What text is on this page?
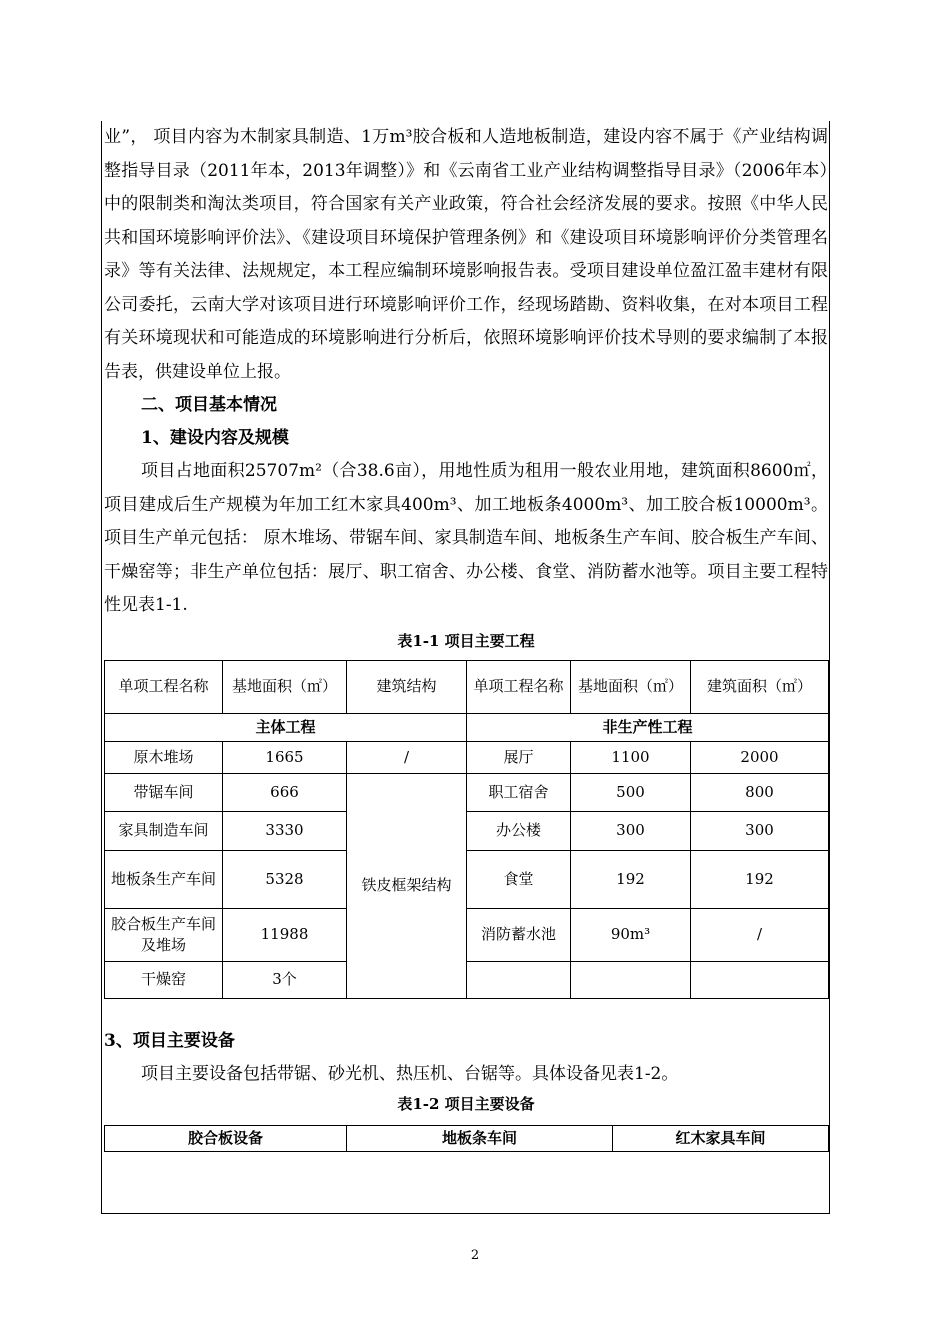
业”， 项目内容为木制家具制造、1万m³胶合板和人造地板制造，建设内容不属于《产业结构调整指导目录（2011年本，2013年调整）》和《云南省工业产业结构调整指导目录》（2006年本）中的限制类和淘汰类项目，符合国家有关产业政策，符合社会经济发展的要求。按照《中华人民共和国环境影响评价法》、《建设项目环境保护管理条例》和《建设项目环境影响评价分类管理名录》等有关法律、法规规定，本工程应编制环境影响报告表。受项目建设单位盈江盈丰建材有限公司委托，云南大学对该项目进行环境影响评价工作，经现场踏勘、资料收集，在对本项目工程有关环境现状和可能造成的环境影响进行分析后，依照环境影响评价技术导则的要求编制了本报告表，供建设单位上报。

二、项目基本情况

1、建设内容及规模

项目占地面积25707m²（合38.6亩），用地性质为租用一般农业用地，建筑面积8600㎡，项目建成后生产规模为年加工红木家具400m³、加工地板条4000m³、加工胶合板10000m³。项目生产单元包括： 原木堆场、带锯车间、家具制造车间、地板条生产车间、胶合板生产车间、干燥窑等；非生产单位包括：展厅、职工宿舍、办公楼、食堂、消防蓄水池等。项目主要工程特性见表1-1.

表1-1 项目主要工程
单项工程名称	基地面积（㎡）	建筑结构	单项工程名称	基地面积（㎡）	建筑面积（㎡）
主体工程			非生产性工程		
原木堆场	1665	/	展厅	1100	2000
带锯车间	666	铁皮框架结构	职工宿舍	500	800
家具制造车间	3330		办公楼	300	300
地板条生产车间	5328		食堂	192	192
胶合板生产车间及堆场	11988		消防蓄水池	90m³	/
干燥窑	3个				

3、项目主要设备

项目主要设备包括带锯、砂光机、热压机、台锯等。具体设备见表1-2。

表1-2 项目主要设备
胶合板设备	地板条车间	红木家具车间
2
